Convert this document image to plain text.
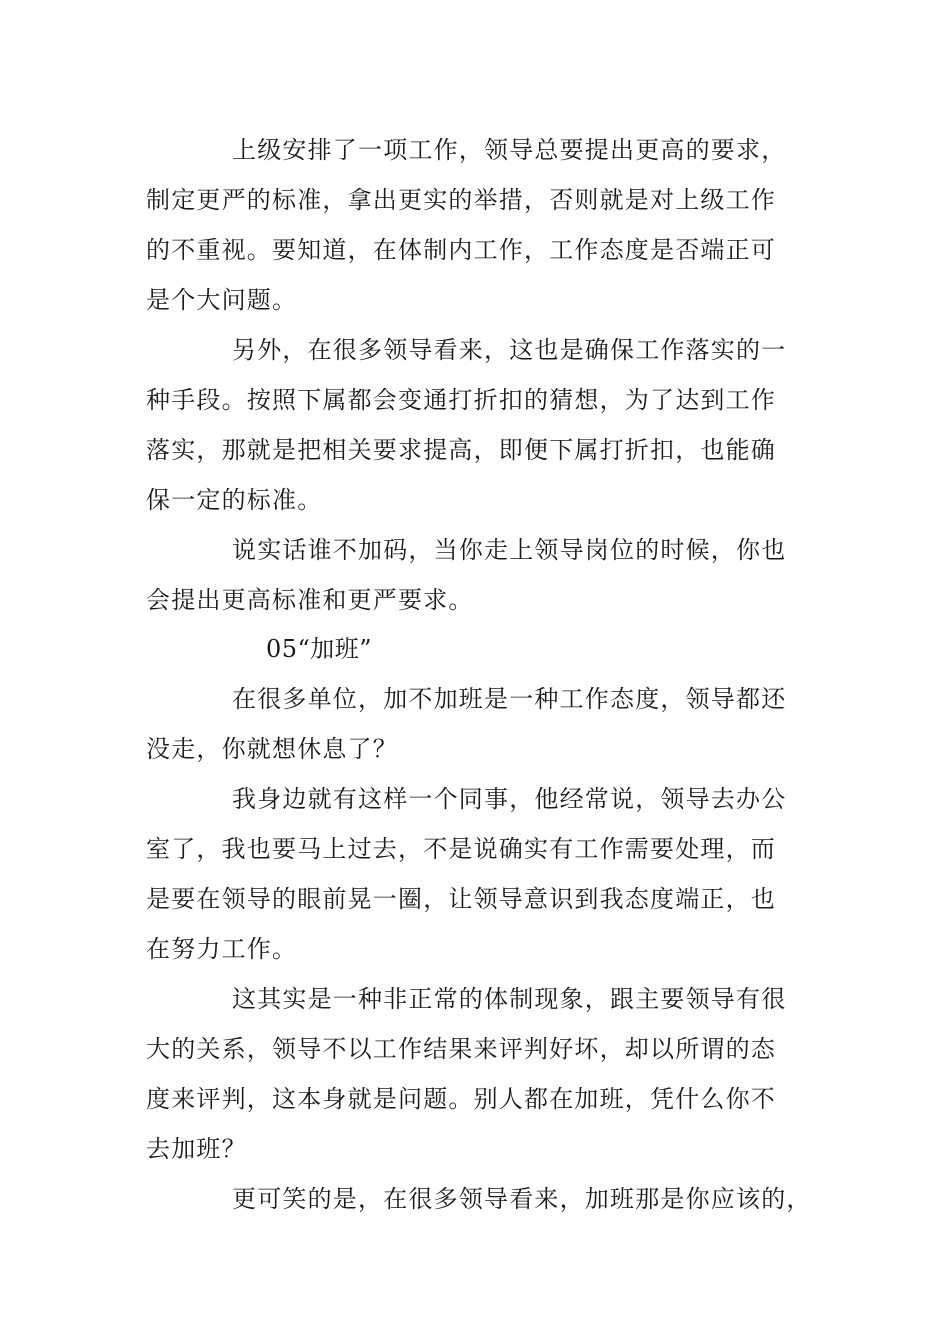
上级安排了一项工作，领导总要提出更高的要求，
制定更严的标准，拿出更实的举措，否则就是对上级工作
的不重视。要知道，在体制内工作，工作态度是否端正可
是个大问题。
另外，在很多领导看来，这也是确保工作落实的一
种手段。按照下属都会变通打折扣的猜想，为了达到工作
落实，那就是把相关要求提高，即便下属打折扣，也能确
保一定的标准。
说实话谁不加码，当你走上领导岗位的时候，你也
会提出更高标准和更严要求。
05“加班”
在很多单位，加不加班是一种工作态度，领导都还
没走，你就想休息了？
我身边就有这样一个同事，他经常说，领导去办公
室了，我也要马上过去，不是说确实有工作需要处理，而
是要在领导的眼前晃一圈，让领导意识到我态度端正，也
在努力工作。
这其实是一种非正常的体制现象，跟主要领导有很
大的关系，领导不以工作结果来评判好坏，却以所谓的态
度来评判，这本身就是问题。别人都在加班，凭什么你不
去加班？
更可笑的是，在很多领导看来，加班那是你应该的，
